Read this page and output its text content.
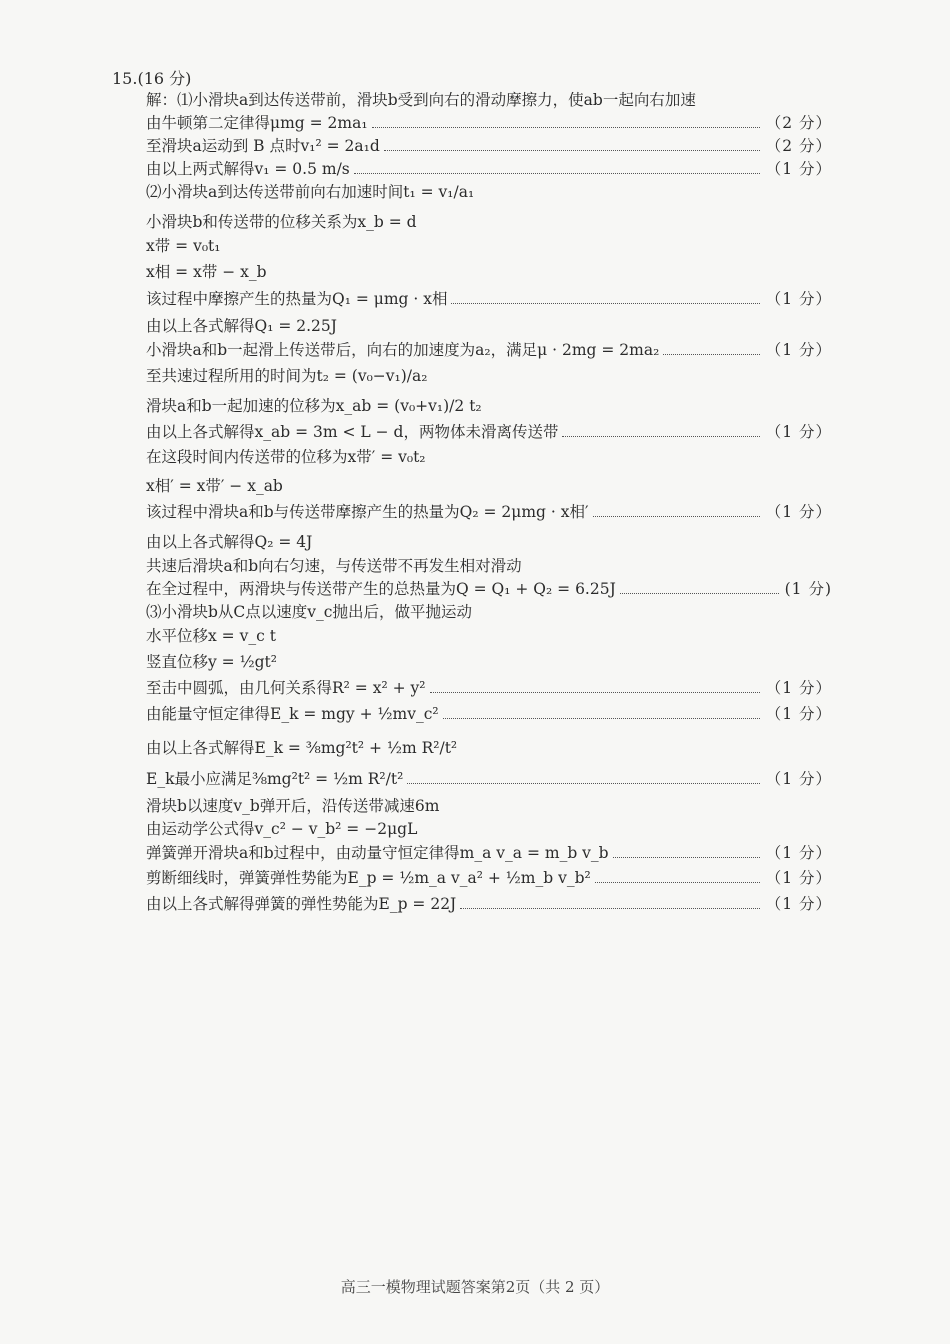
15.(16 分)
解：⑴小滑块a到达传送带前，滑块b受到向右的滑动摩擦力，使ab一起向右加速
由牛顿第二定律得μmg = 2ma₁	（2 分）
至滑块a运动到 B 点时v₁² = 2a₁d	（2 分）
由以上两式解得v₁ = 0.5 m/s	（1 分）
⑵小滑块a到达传送带前向右加速时间t₁ = v₁/a₁
小滑块b和传送带的位移关系为x_b = d
x带 = v₀t₁
x相 = x带 − x_b
该过程中摩擦产生的热量为Q₁ = μmg · x相	（1 分）
由以上各式解得Q₁ = 2.25J
小滑块a和b一起滑上传送带后，向右的加速度为a₂，满足μ · 2mg = 2ma₂	（1 分）
至共速过程所用的时间为t₂ = (v₀−v₁)/a₂
滑块a和b一起加速的位移为x_ab = (v₀+v₁)/2 t₂
由以上各式解得x_ab = 3m < L − d，两物体未滑离传送带	（1 分）
在这段时间内传送带的位移为x带′ = v₀t₂
x相′ = x带′ − x_ab
该过程中滑块a和b与传送带摩擦产生的热量为Q₂ = 2μmg · x相′	（1 分）
由以上各式解得Q₂ = 4J
共速后滑块a和b向右匀速，与传送带不再发生相对滑动
在全过程中，两滑块与传送带产生的总热量为Q = Q₁ + Q₂ = 6.25J	(1 分)
⑶小滑块b从C点以速度v_c抛出后，做平抛运动
水平位移x = v_c t
竖直位移y = ½gt²
至击中圆弧，由几何关系得R² = x² + y²	（1 分）
由能量守恒定律得E_k = mgy + ½mv_c²	（1 分）
由以上各式解得E_k = ⅜mg²t² + ½m R²/t²
E_k最小应满足⅜mg²t² = ½m R²/t²	（1 分）
滑块b以速度v_b弹开后，沿传送带减速6m
由运动学公式得v_c² − v_b² = −2μgL
弹簧弹开滑块a和b过程中，由动量守恒定律得m_a v_a = m_b v_b	（1 分）
剪断细线时，弹簧弹性势能为E_p = ½m_a v_a² + ½m_b v_b²	（1 分）
由以上各式解得弹簧的弹性势能为E_p = 22J	（1 分）
高三一模物理试题答案第2页（共 2 页）
